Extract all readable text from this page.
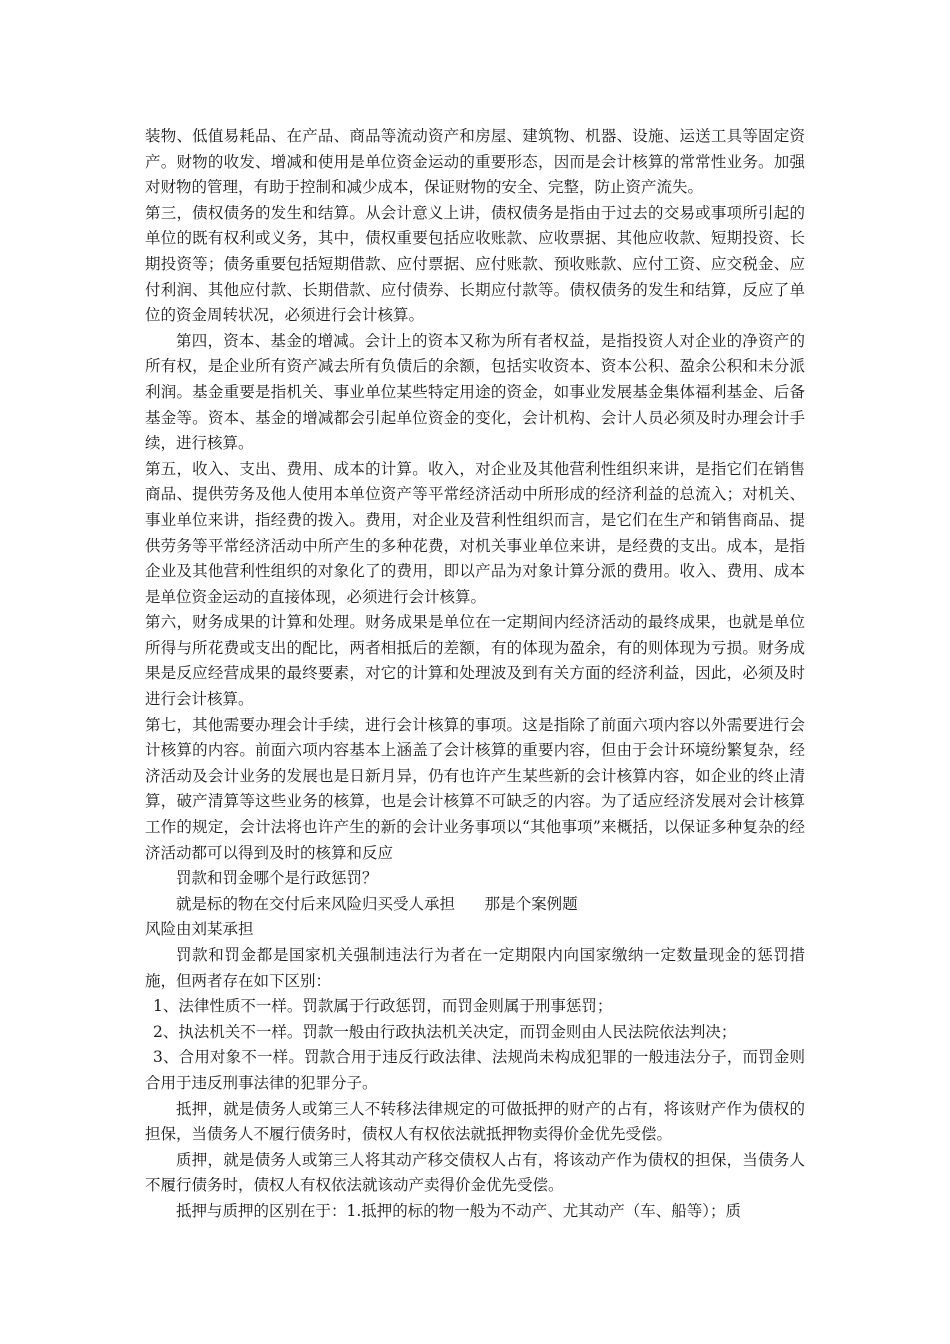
装物、低值易耗品、在产品、商品等流动资产和房屋、建筑物、机器、设施、运送工具等固定资产。财物的收发、增减和使用是单位资金运动的重要形态，因而是会计核算的常常性业务。加强对财物的管理，有助于控制和减少成本，保证财物的安全、完整，防止资产流失。

第三，债权债务的发生和结算。从会计意义上讲，债权债务是指由于过去的交易或事项所引起的单位的既有权利或义务，其中，债权重要包括应收账款、应收票据、其他应收款、短期投资、长期投资等；债务重要包括短期借款、应付票据、应付账款、预收账款、应付工资、应交税金、应付利润、其他应付款、长期借款、应付债券、长期应付款等。债权债务的发生和结算，反应了单位的资金周转状况，必须进行会计核算。

第四，资本、基金的增减。会计上的资本又称为所有者权益，是指投资人对企业的净资产的所有权，是企业所有资产减去所有负债后的余额，包括实收资本、资本公积、盈余公积和未分派利润。基金重要是指机关、事业单位某些特定用途的资金，如事业发展基金集体福利基金、后备基金等。资本、基金的增减都会引起单位资金的变化，会计机构、会计人员必须及时办理会计手续，进行核算。

第五，收入、支出、费用、成本的计算。收入，对企业及其他营利性组织来讲，是指它们在销售商品、提供劳务及他人使用本单位资产等平常经济活动中所形成的经济利益的总流入；对机关、事业单位来讲，指经费的拨入。费用，对企业及营利性组织而言，是它们在生产和销售商品、提供劳务等平常经济活动中所产生的多种花费，对机关事业单位来讲，是经费的支出。成本，是指企业及其他营利性组织的对象化了的费用，即以产品为对象计算分派的费用。收入、费用、成本是单位资金运动的直接体现，必须进行会计核算。

第六，财务成果的计算和处理。财务成果是单位在一定期间内经济活动的最终成果，也就是单位所得与所花费或支出的配比，两者相抵后的差额，有的体现为盈余，有的则体现为亏损。财务成果是反应经营成果的最终要素，对它的计算和处理波及到有关方面的经济利益，因此，必须及时进行会计核算。

第七，其他需要办理会计手续，进行会计核算的事项。这是指除了前面六项内容以外需要进行会计核算的内容。前面六项内容基本上涵盖了会计核算的重要内容，但由于会计环境纷繁复杂，经济活动及会计业务的发展也是日新月异，仍有也许产生某些新的会计核算内容，如企业的终止清算，破产清算等这些业务的核算，也是会计核算不可缺乏的内容。为了适应经济发展对会计核算工作的规定，会计法将也许产生的新的会计业务事项以“其他事项”来概括，以保证多种复杂的经济活动都可以得到及时的核算和反应

罚款和罚金哪个是行政惩罚？

就是标的物在交付后来风险归买受人承担      那是个案例题

风险由刘某承担

罚款和罚金都是国家机关强制违法行为者在一定期限内向国家缴纳一定数量现金的惩罚措施，但两者存在如下区别：

1、法律性质不一样。罚款属于行政惩罚，而罚金则属于刑事惩罚；

2、执法机关不一样。罚款一般由行政执法机关决定，而罚金则由人民法院依法判决；

3、合用对象不一样。罚款合用于违反行政法律、法规尚未构成犯罪的一般违法分子，而罚金则合用于违反刑事法律的犯罪分子。

抵押，就是债务人或第三人不转移法律规定的可做抵押的财产的占有，将该财产作为债权的担保，当债务人不履行债务时，债权人有权依法就抵押物卖得价金优先受偿。

质押，就是债务人或第三人将其动产移交债权人占有，将该动产作为债权的担保，当债务人不履行债务时，债权人有权依法就该动产卖得价金优先受偿。

抵押与质押的区别在于：1.抵押的标的物一般为不动产、尤其动产（车、船等）；质
